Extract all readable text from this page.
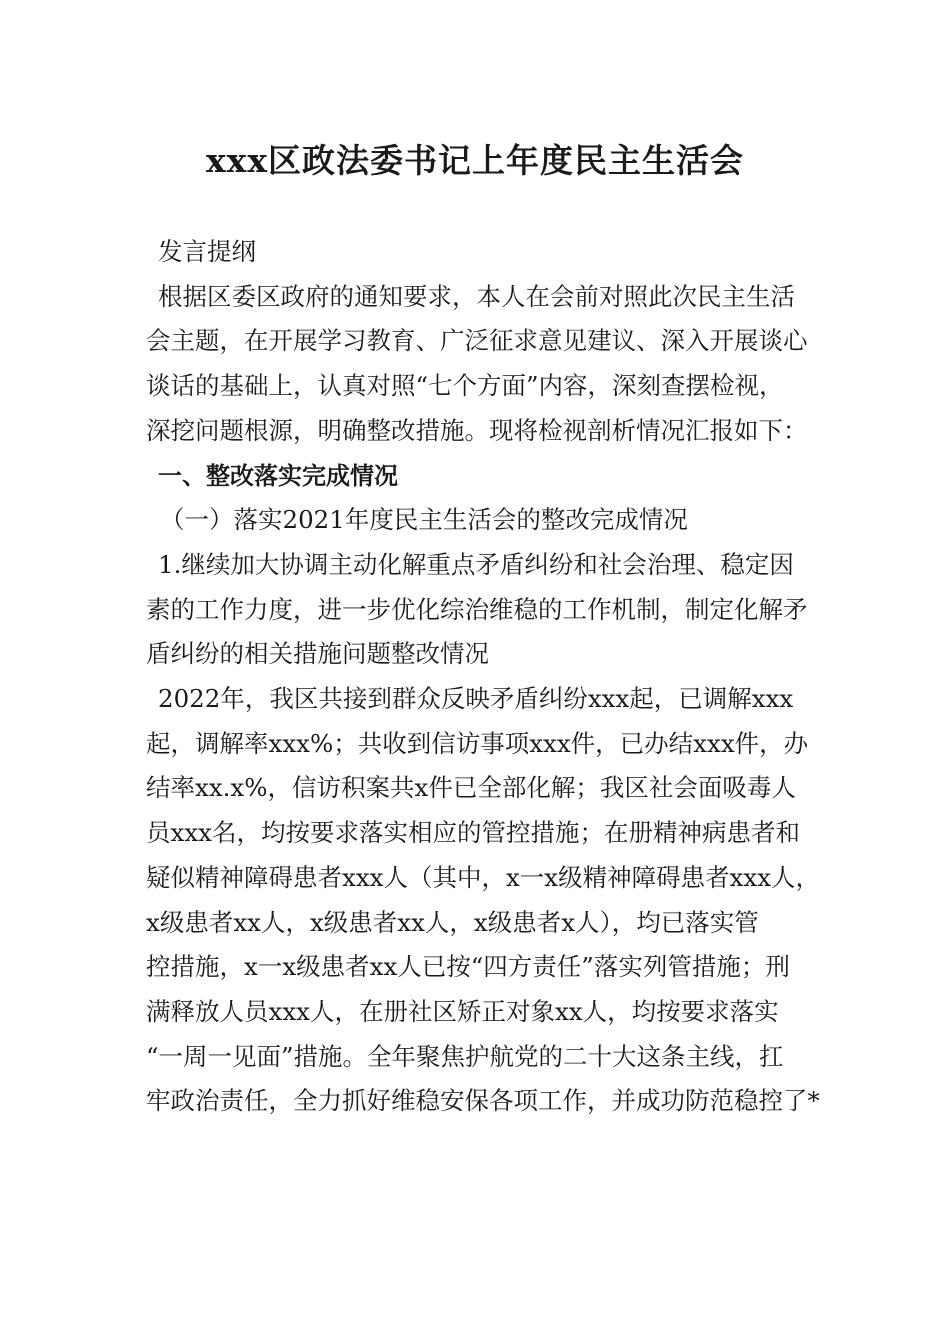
xxx区政法委书记上年度民主生活会
发言提纲
根据区委区政府的通知要求，本人在会前对照此次民主生活
会主题，在开展学习教育、广泛征求意见建议、深入开展谈心
谈话的基础上，认真对照“七个方面”内容，深刻查摆检视，
深挖问题根源，明确整改措施。现将检视剖析情况汇报如下：
一、整改落实完成情况
（一）落实2021年度民主生活会的整改完成情况
1.继续加大协调主动化解重点矛盾纠纷和社会治理、稳定因
素的工作力度，进一步优化综治维稳的工作机制，制定化解矛
盾纠纷的相关措施问题整改情况
2022年，我区共接到群众反映矛盾纠纷xxx起，已调解xxx
起，调解率xxx%；共收到信访事项xxx件，已办结xxx件，办
结率xx.x%，信访积案共x件已全部化解；我区社会面吸毒人
员xxx名，均按要求落实相应的管控措施；在册精神病患者和
疑似精神障碍患者xxx人（其中，x一x级精神障碍患者xxx人，
x级患者xx人，x级患者xx人，x级患者x人），均已落实管
控措施，x一x级患者xx人已按“四方责任”落实列管措施；刑
满释放人员xxx人，在册社区矫正对象xx人，均按要求落实
“一周一见面”措施。全年聚焦护航党的二十大这条主线，扛
牢政治责任，全力抓好维稳安保各项工作，并成功防范稳控了*
